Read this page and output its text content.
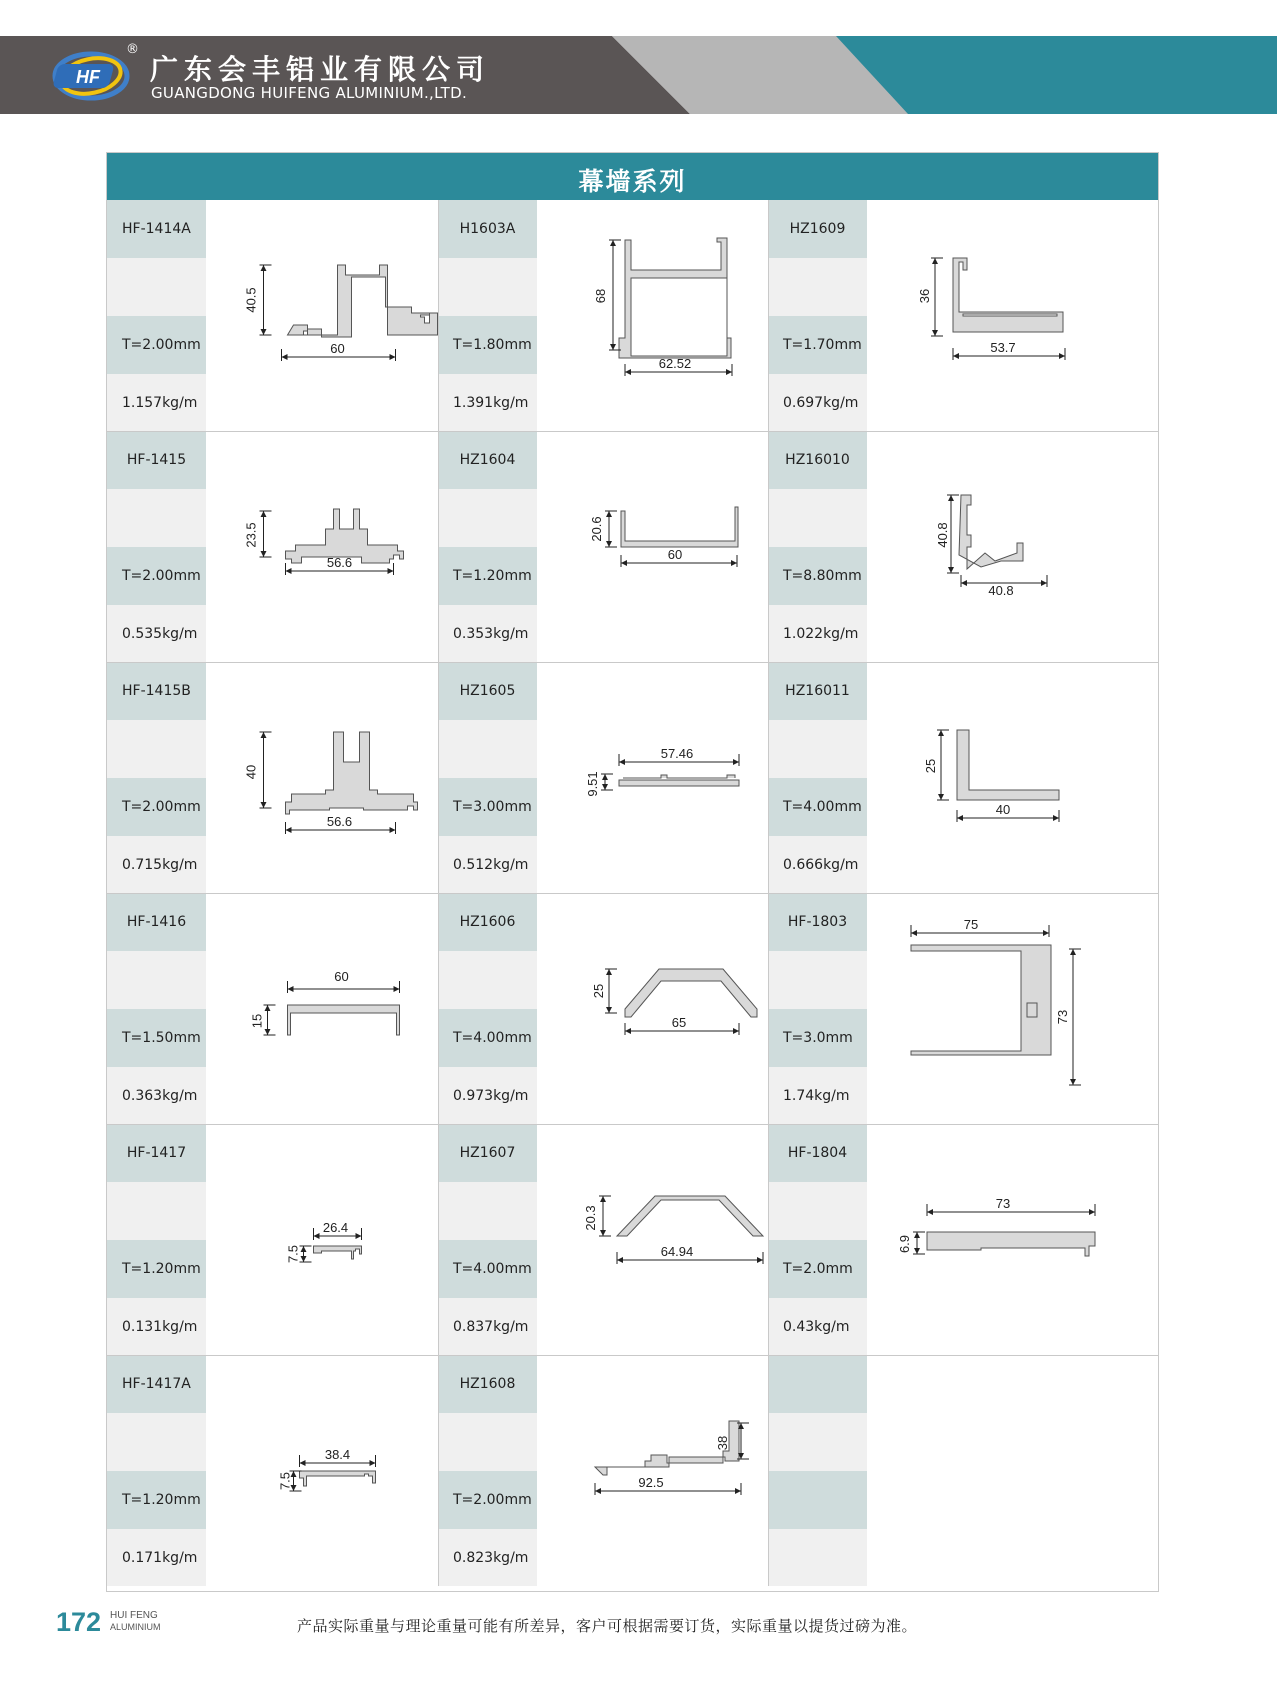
HF
®
广东会丰铝业有限公司
GUANGDONG HUIFENG ALUMINIUM.,LTD.
幕墙系列
HF-1414A
T=2.00mm
1.157kg/m
40.5
60
HF-1415
T=2.00mm
0.535kg/m
23.5
56.6
HF-1415B
T=2.00mm
0.715kg/m
40
56.6
HF-1416
T=1.50mm
0.363kg/m
15
60
HF-1417
T=1.20mm
0.131kg/m
7.5
26.4
HF-1417A
T=1.20mm
0.171kg/m
7.5
38.4
H1603A
T=1.80mm
1.391kg/m
68
62.52
HZ1604
T=1.20mm
0.353kg/m
20.6
60
HZ1605
T=3.00mm
0.512kg/m
9.51
57.46
HZ1606
T=4.00mm
0.973kg/m
25
65
HZ1607
T=4.00mm
0.837kg/m
20.3
64.94
HZ1608
T=2.00mm
0.823kg/m
38
92.5
HZ1609
T=1.70mm
0.697kg/m
36
53.7
HZ16010
T=8.80mm
1.022kg/m
40.8
40.8
HZ16011
T=4.00mm
0.666kg/m
25
40
HF-1803
T=3.0mm
1.74kg/m
73
75
HF-1804
T=2.0mm
0.43kg/m
6.9
73
172 HUI FENG
ALUMINIUM	产品实际重量与理论重量可能有所差异，客户可根据需要订货，实际重量以提货过磅为准。
